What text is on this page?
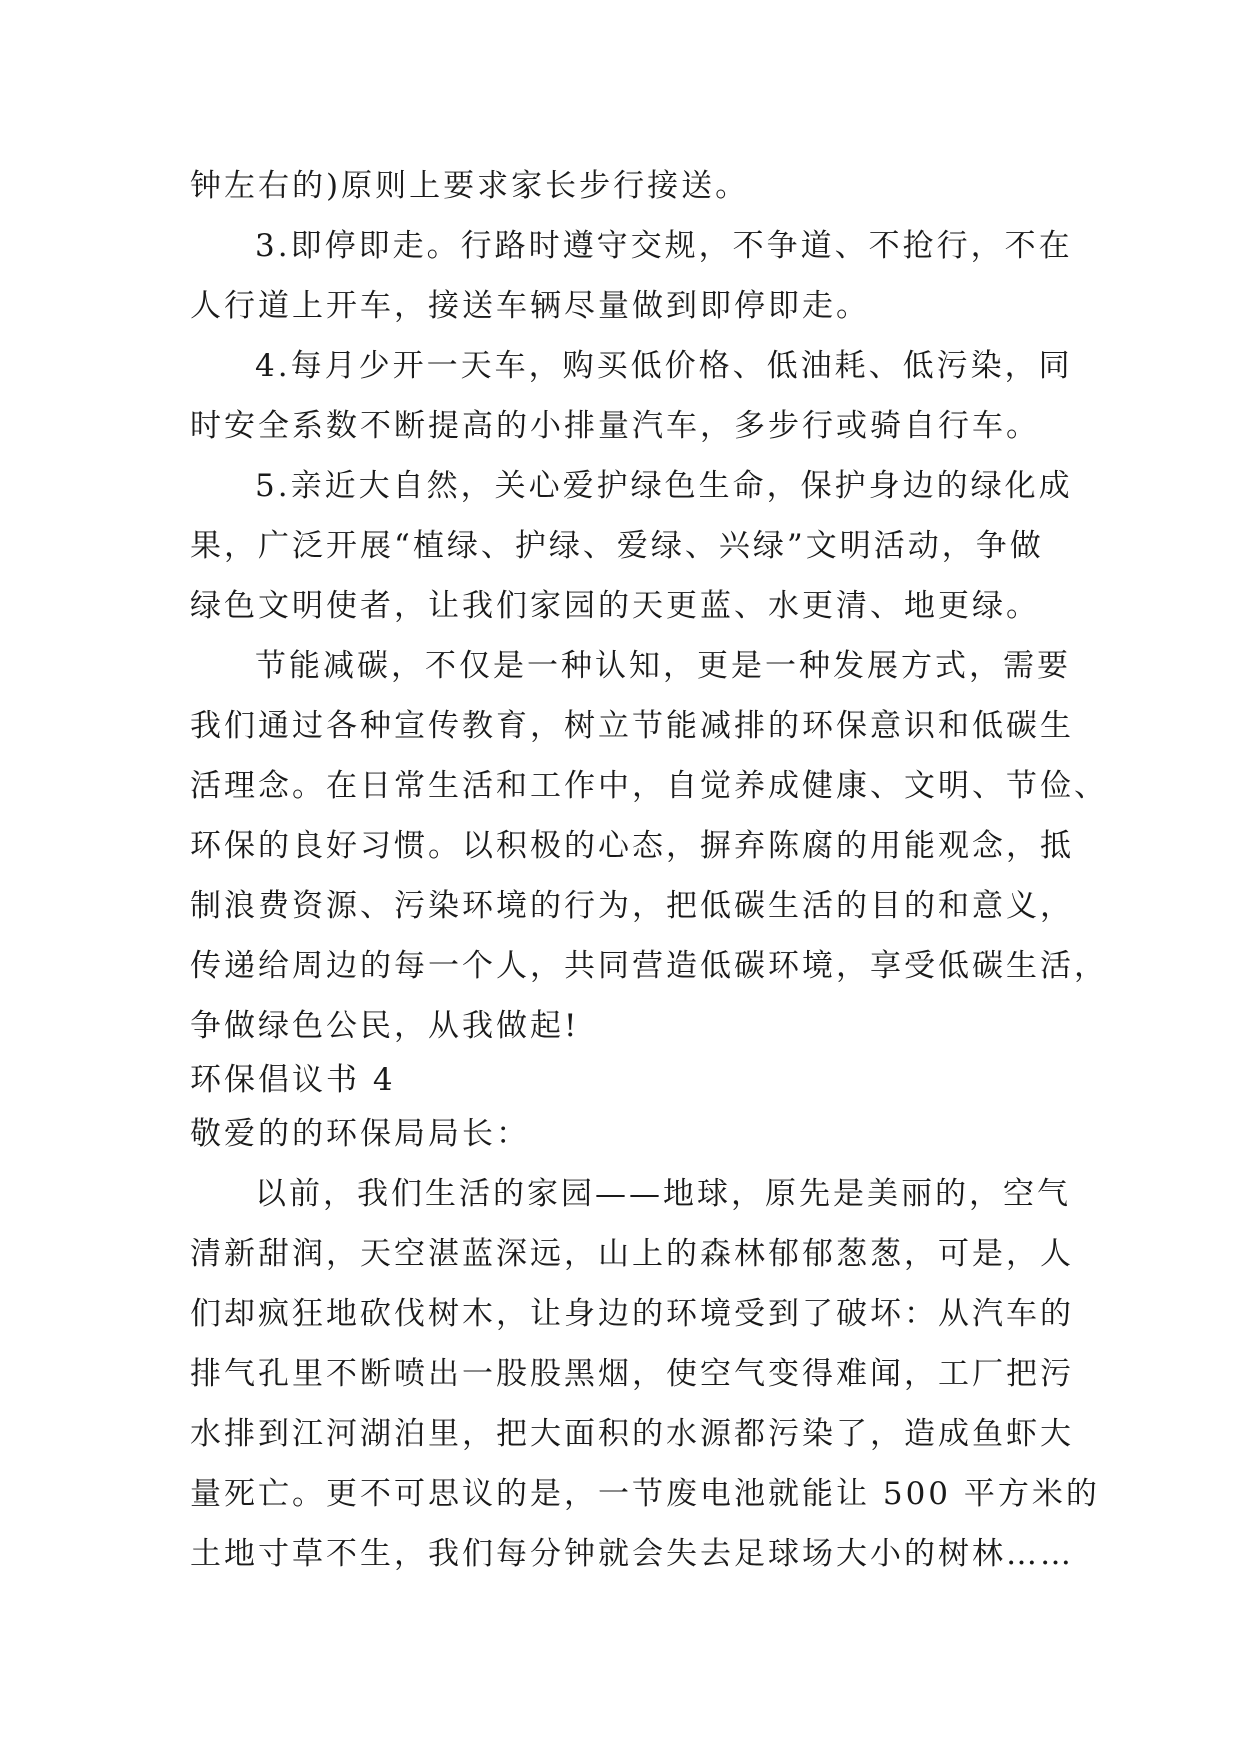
钟左右的)原则上要求家长步行接送。
3.即停即走。行路时遵守交规，不争道、不抢行，不在
人行道上开车，接送车辆尽量做到即停即走。
4.每月少开一天车，购买低价格、低油耗、低污染，同
时安全系数不断提高的小排量汽车，多步行或骑自行车。
5.亲近大自然，关心爱护绿色生命，保护身边的绿化成
果，广泛开展“植绿、护绿、爱绿、兴绿”文明活动，争做
绿色文明使者，让我们家园的天更蓝、水更清、地更绿。
节能减碳，不仅是一种认知，更是一种发展方式，需要
我们通过各种宣传教育，树立节能减排的环保意识和低碳生
活理念。在日常生活和工作中，自觉养成健康、文明、节俭、
环保的良好习惯。以积极的心态，摒弃陈腐的用能观念，抵
制浪费资源、污染环境的行为，把低碳生活的目的和意义，
传递给周边的每一个人，共同营造低碳环境，享受低碳生活，
争做绿色公民，从我做起!
环保倡议书 4
敬爱的的环保局局长：
以前，我们生活的家园——地球，原先是美丽的，空气
清新甜润，天空湛蓝深远，山上的森林郁郁葱葱，可是，人
们却疯狂地砍伐树木，让身边的环境受到了破坏：从汽车的
排气孔里不断喷出一股股黑烟，使空气变得难闻，工厂把污
水排到江河湖泊里，把大面积的水源都污染了，造成鱼虾大
量死亡。更不可思议的是，一节废电池就能让 500 平方米的
土地寸草不生，我们每分钟就会失去足球场大小的树林……
